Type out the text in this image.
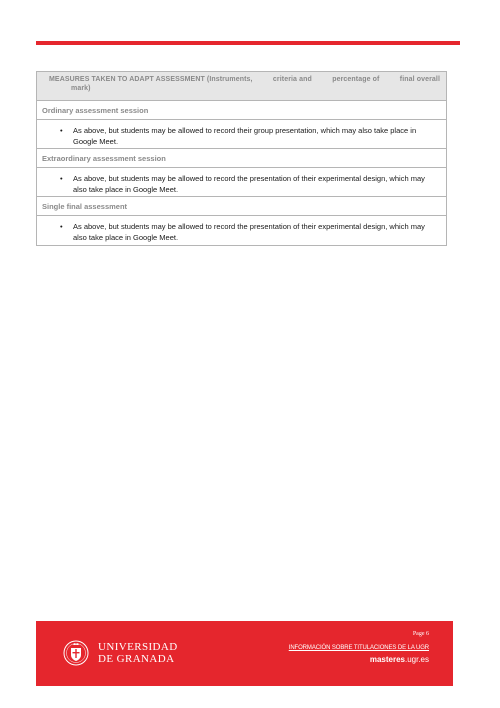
MEASURES TAKEN TO ADAPT ASSESSMENT (Instruments,	criteria and	percentage of	final overall
mark)
Ordinary assessment session
•	As above, but students may be allowed to record their group presentation, which may also take place in Google Meet.
Extraordinary assessment session
•	As above, but students may be allowed to record the presentation of their experimental design, which may also take place in Google Meet.
Single final assessment
•	As above, but students may be allowed to record the presentation of their experimental design, which may also take place in Google Meet.
UNIVERSIDAD
DE GRANADA
Page 6
INFORMACIÓN SOBRE TITULACIONES DE LA UGR
masteres.ugr.es
